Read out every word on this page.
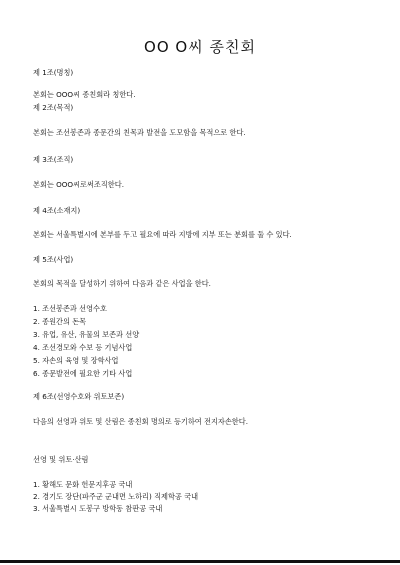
OO O씨 종친회
제 1조(명칭)
본회는 OOO씨 종친회라 칭한다.
제 2조(목적)
본회는 조선봉존과 종문간의 친목과 발전을 도모함을 목적으로 한다.
제 3조(조직)
본회는 OOO씨로써조직한다.
제 4조(소재지)
본회는 서울특별시에 본부를 두고 필요에 따라 지방에 지부 또는 분회를 둘 수 있다.
제 5조(사업)
본회의 목적을 달성하기 위하여 다음과 같은 사업을 한다.
1. 조선봉존과 선영수호
2. 종원간의 돈목
3. 유업, 유산, 유물의 보존과 선양
4. 조선경모와 수보 등 기념사업
5. 자손의 육영 및 장학사업
6. 종문발전에 필요한 기타 사업
제 6조(선영수호와 위토보존)
다음의 선영과 위토 및 산림은 종친회 명의로 등기하여 전지자손한다.
선영 및 위토·산림
1. 황해도 문화 헌문지후공 국내
2. 경기도 장단(파주군 군내면 노하리) 직제학공 국내
3. 서울특별시 도봉구 방학동 참판공 국내
